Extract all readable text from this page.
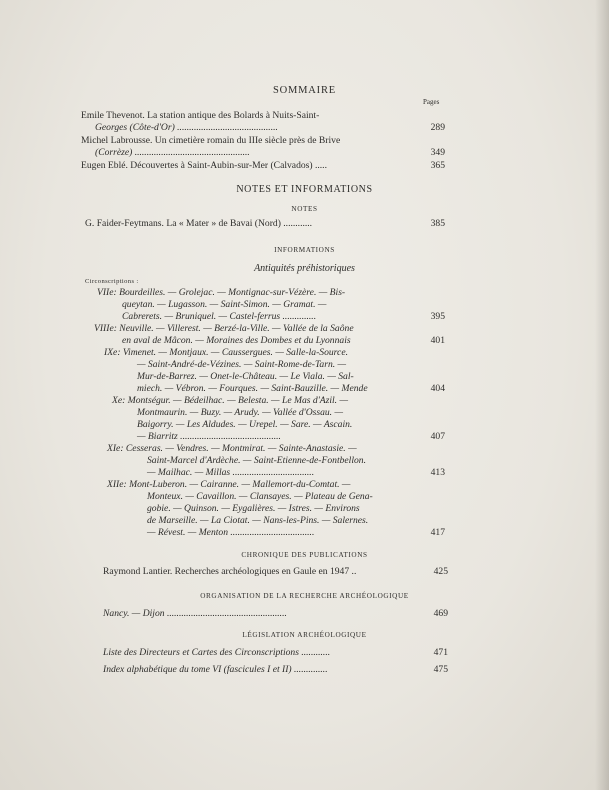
SOMMAIRE
Pages
Emile Thevenot. La station antique des Bolards à Nuits-Saint-
Georges (Côte-d'Or) ..........................................	289
Michel Labrousse. Un cimetière romain du IIIe siècle près de Brive
(Corrèze) ................................................	349
Eugen Eblé. Découvertes à Saint-Aubin-sur-Mer (Calvados) .....	365
NOTES ET INFORMATIONS
NOTES
G. Faider-Feytmans. La « Mater » de Bavai (Nord) ............	385
INFORMATIONS
Antiquités préhistoriques
Circonscriptions :
VIIe: Bourdeilles. — Grolejac. — Montignac-sur-Vézère. — Bis-
queytan. — Lugasson. — Saint-Simon. — Gramat. —
Cabrerets. — Bruniquel. — Castel-ferrus ..............	395
VIIIe: Neuville. — Villerest. — Berzé-la-Ville. — Vallée de la Saône
en aval de Mâcon. — Moraines des Dombes et du Lyonnais	401
IXe: Vimenet. — Montjaux. — Caussergues. — Salle-la-Source.
— Saint-André-de-Vézines. — Saint-Rome-de-Tarn. —
Mur-de-Barrez. — Onet-le-Château. — Le Viala. — Sal-
miech. — Vébron. — Fourques. — Saint-Bauzille. — Mende	404
Xe: Montségur. — Bédeilhac. — Belesta. — Le Mas d'Azil. —
Montmaurin. — Buzy. — Arudy. — Vallée d'Ossau. —
Baigorry. — Les Aldudes. — Urepel. — Sare. — Ascain.
— Biarritz ..........................................	407
XIe: Cesseras. — Vendres. — Montmirat. — Sainte-Anastasie. —
Saint-Marcel d'Ardèche. — Saint-Etienne-de-Fontbellon.
— Mailhac. — Millas ..................................	413
XIIe: Mont-Luberon. — Cairanne. — Mallemort-du-Comtat. —
Monteux. — Cavaillon. — Clansayes. — Plateau de Gena-
gobie. — Quinson. — Eygalières. — Istres. — Environs
de Marseille. — La Ciotat. — Nans-les-Pins. — Salernes.
— Révest. — Menton ...................................	417
CHRONIQUE DES PUBLICATIONS
Raymond Lantier. Recherches archéologiques en Gaule en 1947 ..	425
ORGANISATION DE LA RECHERCHE ARCHÉOLOGIQUE
Nancy. — Dijon ..................................................	469
LÉGISLATION ARCHÉOLOGIQUE
Liste des Directeurs et Cartes des Circonscriptions ............	471
Index alphabétique du tome VI (fascicules I et II) ..............	475
